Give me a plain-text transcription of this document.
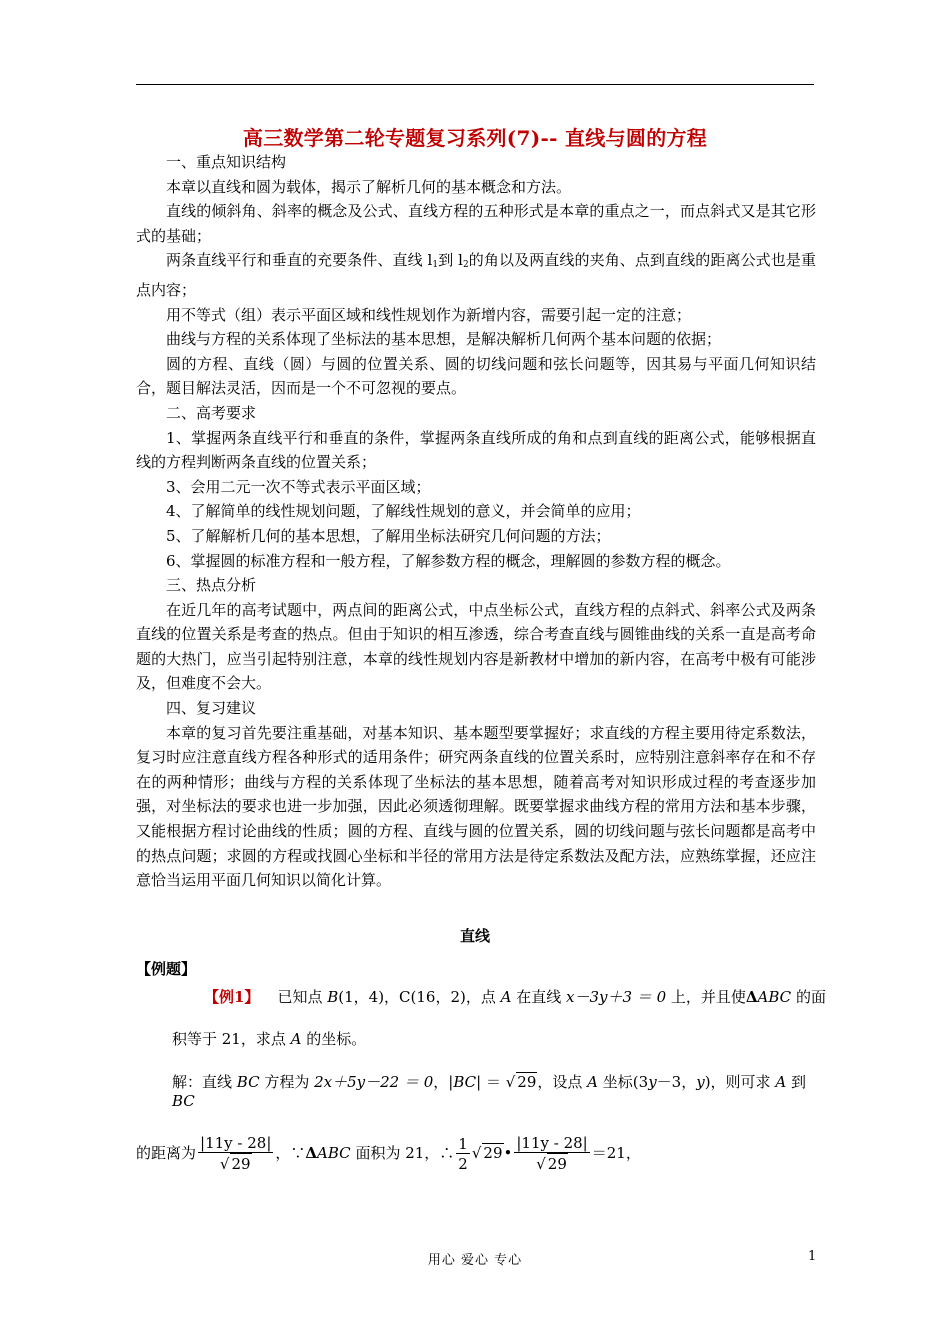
高三数学第二轮专题复习系列(7)-- 直线与圆的方程

一、重点知识结构

本章以直线和圆为载体，揭示了解析几何的基本概念和方法。

直线的倾斜角、斜率的概念及公式、直线方程的五种形式是本章的重点之一，而点斜式又是其它形式的基础；

两条直线平行和垂直的充要条件、直线 $l_1$到 $l_2$的角以及两直线的夹角、点到直线的距离公式也是重点内容；

用不等式（组）表示平面区域和线性规划作为新增内容，需要引起一定的注意；

曲线与方程的关系体现了坐标法的基本思想，是解决解析几何两个基本问题的依据；

圆的方程、直线（圆）与圆的位置关系、圆的切线问题和弦长问题等，因其易与平面几何知识结合，题目解法灵活，因而是一个不可忽视的要点。

二、高考要求

1、掌握两条直线平行和垂直的条件，掌握两条直线所成的角和点到直线的距离公式，能够根据直线的方程判断两条直线的位置关系；

3、会用二元一次不等式表示平面区域；

4、了解简单的线性规划问题，了解线性规划的意义，并会简单的应用；

5、了解解析几何的基本思想，了解用坐标法研究几何问题的方法；

6、掌握圆的标准方程和一般方程，了解参数方程的概念，理解圆的参数方程的概念。

三、热点分析

在近几年的高考试题中，两点间的距离公式，中点坐标公式，直线方程的点斜式、斜率公式及两条直线的位置关系是考查的热点。但由于知识的相互渗透，综合考查直线与圆锥曲线的关系一直是高考命题的大热门，应当引起特别注意，本章的线性规划内容是新教材中增加的新内容，在高考中极有可能涉及，但难度不会大。

四、复习建议

本章的复习首先要注重基础，对基本知识、基本题型要掌握好；求直线的方程主要用待定系数法，复习时应注意直线方程各种形式的适用条件；研究两条直线的位置关系时，应特别注意斜率存在和不存在的两种情形；曲线与方程的关系体现了坐标法的基本思想，随着高考对知识形成过程的考查逐步加强，对坐标法的要求也进一步加强，因此必须透彻理解。既要掌握求曲线方程的常用方法和基本步骤，又能根据方程讨论曲线的性质；圆的方程、直线与圆的位置关系，圆的切线问题与弦长问题都是高考中的热点问题；求圆的方程或找圆心坐标和半径的常用方法是待定系数法及配方法，应熟练掌握，还应注意恰当运用平面几何知识以简化计算。

直线
【例题】
【例1】 已知点 B(1，4)，C(16，2)，点 A 在直线 x－3y＋3 ＝ 0 上，并且使ΔABC 的面
积等于 21，求点 A 的坐标。
解：直线 BC 方程为 2x＋5y－22 ＝ 0，|BC| ＝ √ 29，设点 A 坐标(3y－3，y)，则可求 A 到 BC
的距离为 $\frac{|11y - 28|}{√ 29}$ ，∵ΔABC 面积为 21，∴ $\frac{1}{2}$ √ 29• $\frac{|11y - 28|}{√ 29} =21$，
用心 爱心 专心	1
